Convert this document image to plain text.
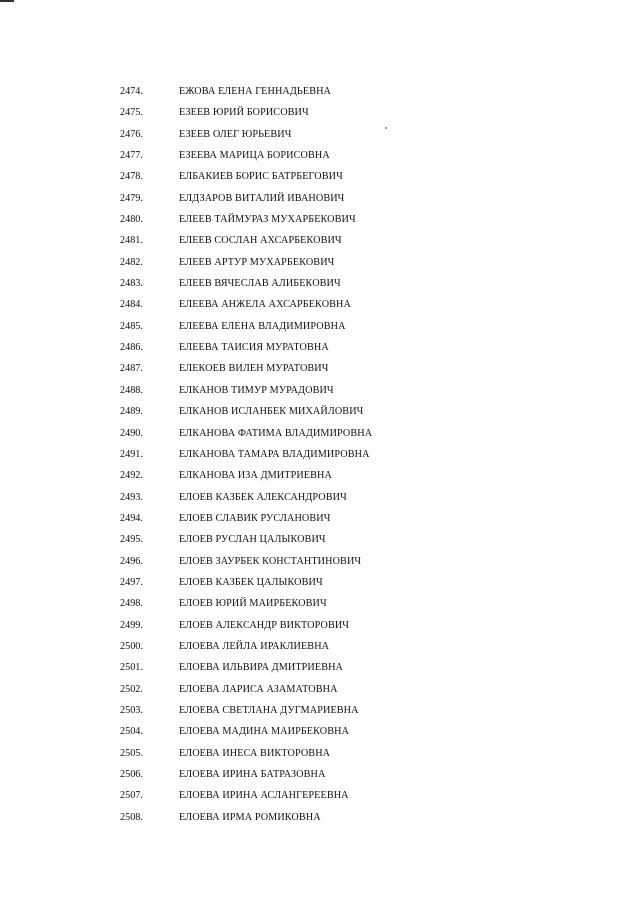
2474.	ЕЖОВА ЕЛЕНА ГЕННАДЬЕВНА
2475.	ЕЗЕЕВ ЮРИЙ БОРИСОВИЧ
2476.	ЕЗЕЕВ ОЛЕГ ЮРЬЕВИЧ
2477.	ЕЗЕЕВА МАРИЦА БОРИСОВНА
2478.	ЕЛБАКИЕВ БОРИС БАТРБЕГОВИЧ
2479.	ЕЛДЗАРОВ ВИТАЛИЙ ИВАНОВИЧ
2480.	ЕЛЕЕВ ТАЙМУРАЗ МУХАРБЕКОВИЧ
2481.	ЕЛЕЕВ СОСЛАН АХСАРБЕКОВИЧ
2482.	ЕЛЕЕВ АРТУР МУХАРБЕКОВИЧ
2483.	ЕЛЕЕВ ВЯЧЕСЛАВ АЛИБЕКОВИЧ
2484.	ЕЛЕЕВА АНЖЕЛА АХСАРБЕКОВНА
2485.	ЕЛЕЕВА ЕЛЕНА ВЛАДИМИРОВНА
2486.	ЕЛЕЕВА ТАИСИЯ МУРАТОВНА
2487.	ЕЛЕКОЕВ ВИЛЕН МУРАТОВИЧ
2488.	ЕЛКАНОВ ТИМУР МУРАДОВИЧ
2489.	ЕЛКАНОВ ИСЛАНБЕК МИХАЙЛОВИЧ
2490.	ЕЛКАНОВА ФАТИМА ВЛАДИМИРОВНА
2491.	ЕЛКАНОВА ТАМАРА ВЛАДИМИРОВНА
2492.	ЕЛКАНОВА ИЗА ДМИТРИЕВНА
2493.	ЕЛОЕВ КАЗБЕК АЛЕКСАНДРОВИЧ
2494.	ЕЛОЕВ СЛАВИК РУСЛАНОВИЧ
2495.	ЕЛОЕВ РУСЛАН ЦАЛЫКОВИЧ
2496.	ЕЛОЕВ ЗАУРБЕК КОНСТАНТИНОВИЧ
2497.	ЕЛОЕВ КАЗБЕК ЦАЛЫКОВИЧ
2498.	ЕЛОЕВ ЮРИЙ МАИРБЕКОВИЧ
2499.	ЕЛОЕВ АЛЕКСАНДР ВИКТОРОВИЧ
2500.	ЕЛОЕВА ЛЕЙЛА ИРАКЛИЕВНА
2501.	ЕЛОЕВА ИЛЬВИРА ДМИТРИЕВНА
2502.	ЕЛОЕВА ЛАРИСА АЗАМАТОВНА
2503.	ЕЛОЕВА СВЕТЛАНА ДУГМАРИЕВНА
2504.	ЕЛОЕВА МАДИНА МАИРБЕКОВНА
2505.	ЕЛОЕВА ИНЕСА ВИКТОРОВНА
2506.	ЕЛОЕВА ИРИНА БАТРАЗОВНА
2507.	ЕЛОЕВА ИРИНА АСЛАНГЕРЕЕВНА
2508.	ЕЛОЕВА ИРМА РОМИКОВНА
